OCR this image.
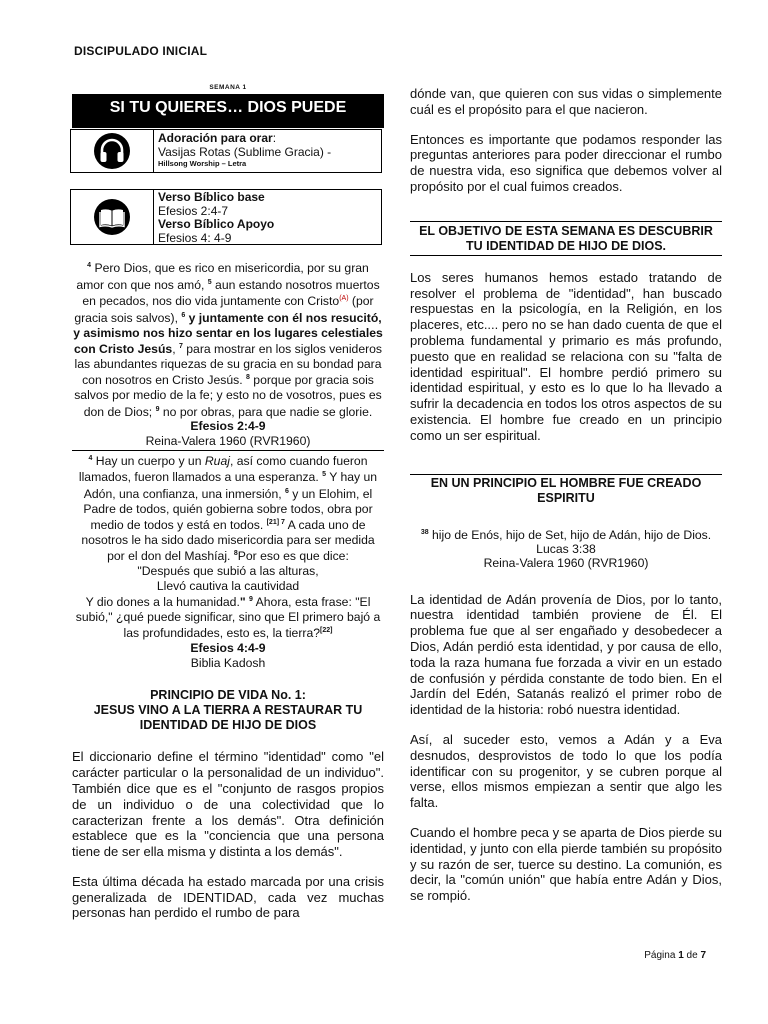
DISCIPULADO INICIAL
SEMANA 1
SI TU QUIERES… DIOS PUEDE
Adoración para orar:
Vasijas Rotas (Sublime Gracia) -
Hillsong Worship – Letra
Verso Bíblico base
Efesios 2:4-7
Verso Bíblico Apoyo
Efesios 4: 4-9
$^4$ Pero Dios, que es rico en misericordia, por su gran amor con que nos amó, $^5$ aun estando nosotros muertos en pecados, nos dio vida juntamente con Cristo$^{(A)}$ (por gracia sois salvos), $^6$ y juntamente con él nos resucitó, y asimismo nos hizo sentar en los lugares celestiales con Cristo Jesús, $^7$ para mostrar en los siglos venideros las abundantes riquezas de su gracia en su bondad para con nosotros en Cristo Jesús. $^8$ porque por gracia sois salvos por medio de la fe; y esto no de vosotros, pues es don de Dios; $^9$ no por obras, para que nadie se glorie.
Efesios 2:4-9
Reina-Valera 1960 (RVR1960)
$^4$ Hay un cuerpo y un Ruaj, así como cuando fueron llamados, fueron llamados a una esperanza. $^5$ Y hay un Adón, una confianza, una inmersión, $^6$ y un Elohim, el Padre de todos, quién gobierna sobre todos, obra por medio de todos y está en todos. [21] $^7$ A cada uno de nosotros le ha sido dado misericordia para ser medida por el don del Mashíaj. $^8$Por eso es que dice:
"Después que subió a las alturas,
Llevó cautiva la cautividad
Y dio dones a la humanidad." $^9$ Ahora, esta frase: "El subió," ¿qué puede significar, sino que El primero bajó a las profundidades, esto es, la tierra?[22]
Efesios 4:4-9
Biblia Kadosh
PRINCIPIO DE VIDA No. 1:
JESUS VINO A LA TIERRA A RESTAURAR TU IDENTIDAD DE HIJO DE DIOS
El diccionario define el término "identidad" como "el carácter particular o la personalidad de un individuo". También dice que es el "conjunto de rasgos propios de un individuo o de una colectividad que lo caracterizan frente a los demás". Otra definición establece que es la "conciencia que una persona tiene de ser ella misma y distinta a los demás".
Esta última década ha estado marcada por una crisis generalizada de IDENTIDAD, cada vez muchas personas han perdido el rumbo de para
dónde van, que quieren con sus vidas o simplemente cuál es el propósito para el que nacieron.
Entonces es importante que podamos responder las preguntas anteriores para poder direccionar el rumbo de nuestra vida, eso significa que debemos volver al propósito por el cual fuimos creados.
EL OBJETIVO DE ESTA SEMANA ES DESCUBRIR TU IDENTIDAD DE HIJO DE DIOS.
Los seres humanos hemos estado tratando de resolver el problema de "identidad", han buscado respuestas en la psicología, en la Religión, en los placeres, etc.... pero no se han dado cuenta de que el problema fundamental y primario es más profundo, puesto que en realidad se relaciona con su "falta de identidad espiritual". El hombre perdió primero su identidad espiritual, y esto es lo que lo ha llevado a sufrir la decadencia en todos los otros aspectos de su existencia. El hombre fue creado en un principio como un ser espiritual.
EN UN PRINCIPIO EL HOMBRE FUE CREADO ESPIRITU
$^{38}$ hijo de Enós, hijo de Set, hijo de Adán, hijo de Dios.
Lucas 3:38
Reina-Valera 1960 (RVR1960)
La identidad de Adán provenía de Dios, por lo tanto, nuestra identidad también proviene de Él. El problema fue que al ser engañado y desobedecer a Dios, Adán perdió esta identidad, y por causa de ello, toda la raza humana fue forzada a vivir en un estado de confusión y pérdida constante de todo bien. En el Jardín del Edén, Satanás realizó el primer robo de identidad de la historia: robó nuestra identidad.
Así, al suceder esto, vemos a Adán y a Eva desnudos, desprovistos de todo lo que los podía identificar con su progenitor, y se cubren porque al verse, ellos mismos empiezan a sentir que algo les falta.
Cuando el hombre peca y se aparta de Dios pierde su identidad, y junto con ella pierde también su propósito y su razón de ser, tuerce su destino. La comunión, es decir, la "común unión" que había entre Adán y Dios, se rompió.
Página 1 de 7
